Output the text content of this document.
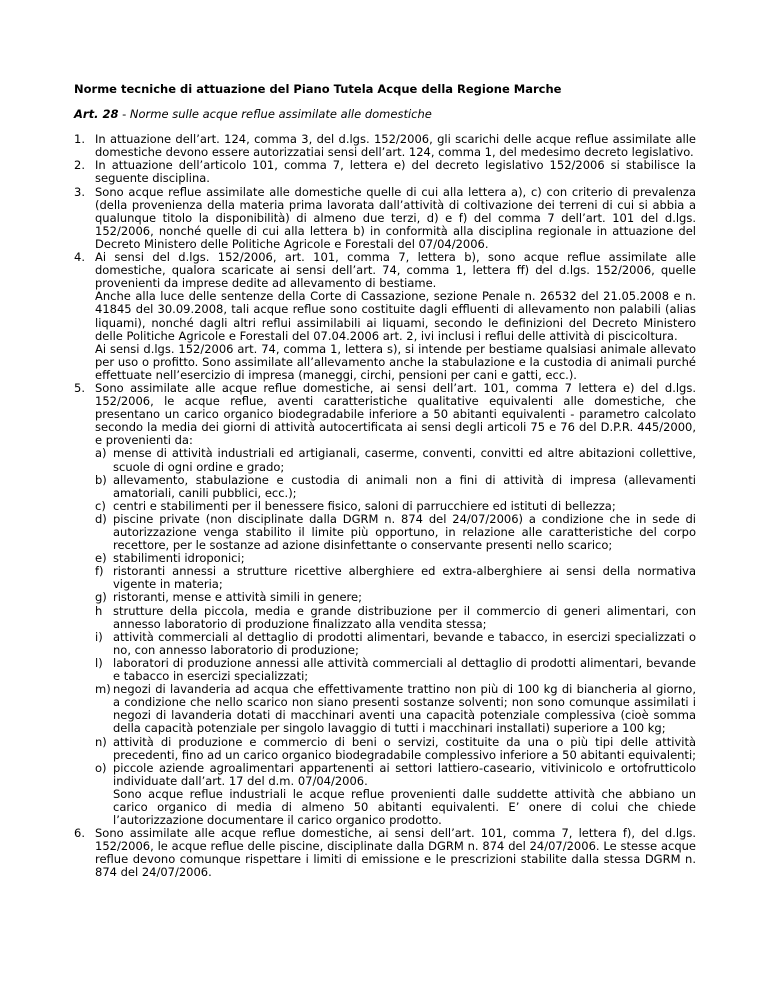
Norme tecniche di attuazione del Piano Tutela Acque della Regione Marche

Art. 28 - Norme sulle acque reflue assimilate alle domestiche

1. In attuazione dell’art. 124, comma 3, del d.lgs. 152/2006, gli scarichi delle acque reflue assimilate alle domestiche devono essere autorizzatiai sensi dell’art. 124, comma 1, del medesimo decreto legislativo.

2. In attuazione dell’articolo 101, comma 7, lettera e) del decreto legislativo 152/2006 si stabilisce la seguente disciplina.

3. Sono acque reflue assimilate alle domestiche quelle di cui alla lettera a), c) con criterio di prevalenza (della provenienza della materia prima lavorata dall’attività di coltivazione dei terreni di cui si abbia a qualunque titolo la disponibilità) di almeno due terzi, d) e f) del comma 7 dell’art. 101 del d.lgs. 152/2006, nonché quelle di cui alla lettera b) in conformità alla disciplina regionale in attuazione del Decreto Ministero delle Politiche Agricole e Forestali del 07/04/2006.

4. Ai sensi del d.lgs. 152/2006, art. 101, comma 7, lettera b), sono acque reflue assimilate alle domestiche, qualora scaricate ai sensi dell’art. 74, comma 1, lettera ff) del d.lgs. 152/2006, quelle provenienti da imprese dedite ad allevamento di bestiame.

Anche alla luce delle sentenze della Corte di Cassazione, sezione Penale n. 26532 del 21.05.2008 e n. 41845 del 30.09.2008, tali acque reflue sono costituite dagli effluenti di allevamento non palabili (alias liquami), nonché dagli altri reflui assimilabili ai liquami, secondo le definizioni del Decreto Ministero delle Politiche Agricole e Forestali del 07.04.2006 art. 2, ivi inclusi i reflui delle attività di piscicoltura.

Ai sensi d.lgs. 152/2006 art. 74, comma 1, lettera s), si intende per bestiame qualsiasi animale allevato per uso o profitto. Sono assimilate all’allevamento anche la stabulazione e la custodia di animali purché effettuate nell’esercizio di impresa (maneggi, circhi, pensioni per cani e gatti, ecc.).

5. Sono assimilate alle acque reflue domestiche, ai sensi dell’art. 101, comma 7 lettera e) del d.lgs. 152/2006, le acque reflue, aventi caratteristiche qualitative equivalenti alle domestiche, che presentano un carico organico biodegradabile inferiore a 50 abitanti equivalenti - parametro calcolato secondo la media dei giorni di attività autocertificata ai sensi degli articoli 75 e 76 del D.P.R. 445/2000, e provenienti da:

a) mense di attività industriali ed artigianali, caserme, conventi, convitti ed altre abitazioni collettive, scuole di ogni ordine e grado;
b) allevamento, stabulazione e custodia di animali non a fini di attività di impresa (allevamenti amatoriali, canili pubblici, ecc.);
c) centri e stabilimenti per il benessere fisico, saloni di parrucchiere ed istituti di bellezza;
d) piscine private (non disciplinate dalla DGRM n. 874 del 24/07/2006) a condizione che in sede di autorizzazione venga stabilito il limite più opportuno, in relazione alle caratteristiche del corpo recettore, per le sostanze ad azione disinfettante o conservante presenti nello scarico;
e) stabilimenti idroponici;
f) ristoranti annessi a strutture ricettive alberghiere ed extra-alberghiere ai sensi della normativa vigente in materia;
g) ristoranti, mense e attività simili in genere;
h strutture della piccola, media e grande distribuzione per il commercio di generi alimentari, con annesso laboratorio di produzione finalizzato alla vendita stessa;
i) attività commerciali al dettaglio di prodotti alimentari, bevande e tabacco, in esercizi specializzati o no, con annesso laboratorio di produzione;
l) laboratori di produzione annessi alle attività commerciali al dettaglio di prodotti alimentari, bevande e tabacco in esercizi specializzati;
m) negozi di lavanderia ad acqua che effettivamente trattino non più di 100 kg di biancheria al giorno, a condizione che nello scarico non siano presenti sostanze solventi; non sono comunque assimilati i negozi di lavanderia dotati di macchinari aventi una capacità potenziale complessiva (cioè somma della capacità potenziale per singolo lavaggio di tutti i macchinari installati) superiore a 100 kg;
n) attività di produzione e commercio di beni o servizi, costituite da una o più tipi delle attività precedenti, fino ad un carico organico biodegradabile complessivo inferiore a 50 abitanti equivalenti;
o) piccole aziende agroalimentari appartenenti ai settori lattiero-caseario, vitivinicolo e ortofrutticolo individuate dall’art. 17 del d.m. 07/04/2006.
Sono acque reflue industriali le acque reflue provenienti dalle suddette attività che abbiano un carico organico di media di almeno 50 abitanti equivalenti. E’ onere di colui che chiede l’autorizzazione documentare il carico organico prodotto.
6. Sono assimilate alle acque reflue domestiche, ai sensi dell’art. 101, comma 7, lettera f), del d.lgs. 152/2006, le acque reflue delle piscine, disciplinate dalla DGRM n. 874 del 24/07/2006. Le stesse acque reflue devono comunque rispettare i limiti di emissione e le prescrizioni stabilite dalla stessa DGRM n. 874 del 24/07/2006.
